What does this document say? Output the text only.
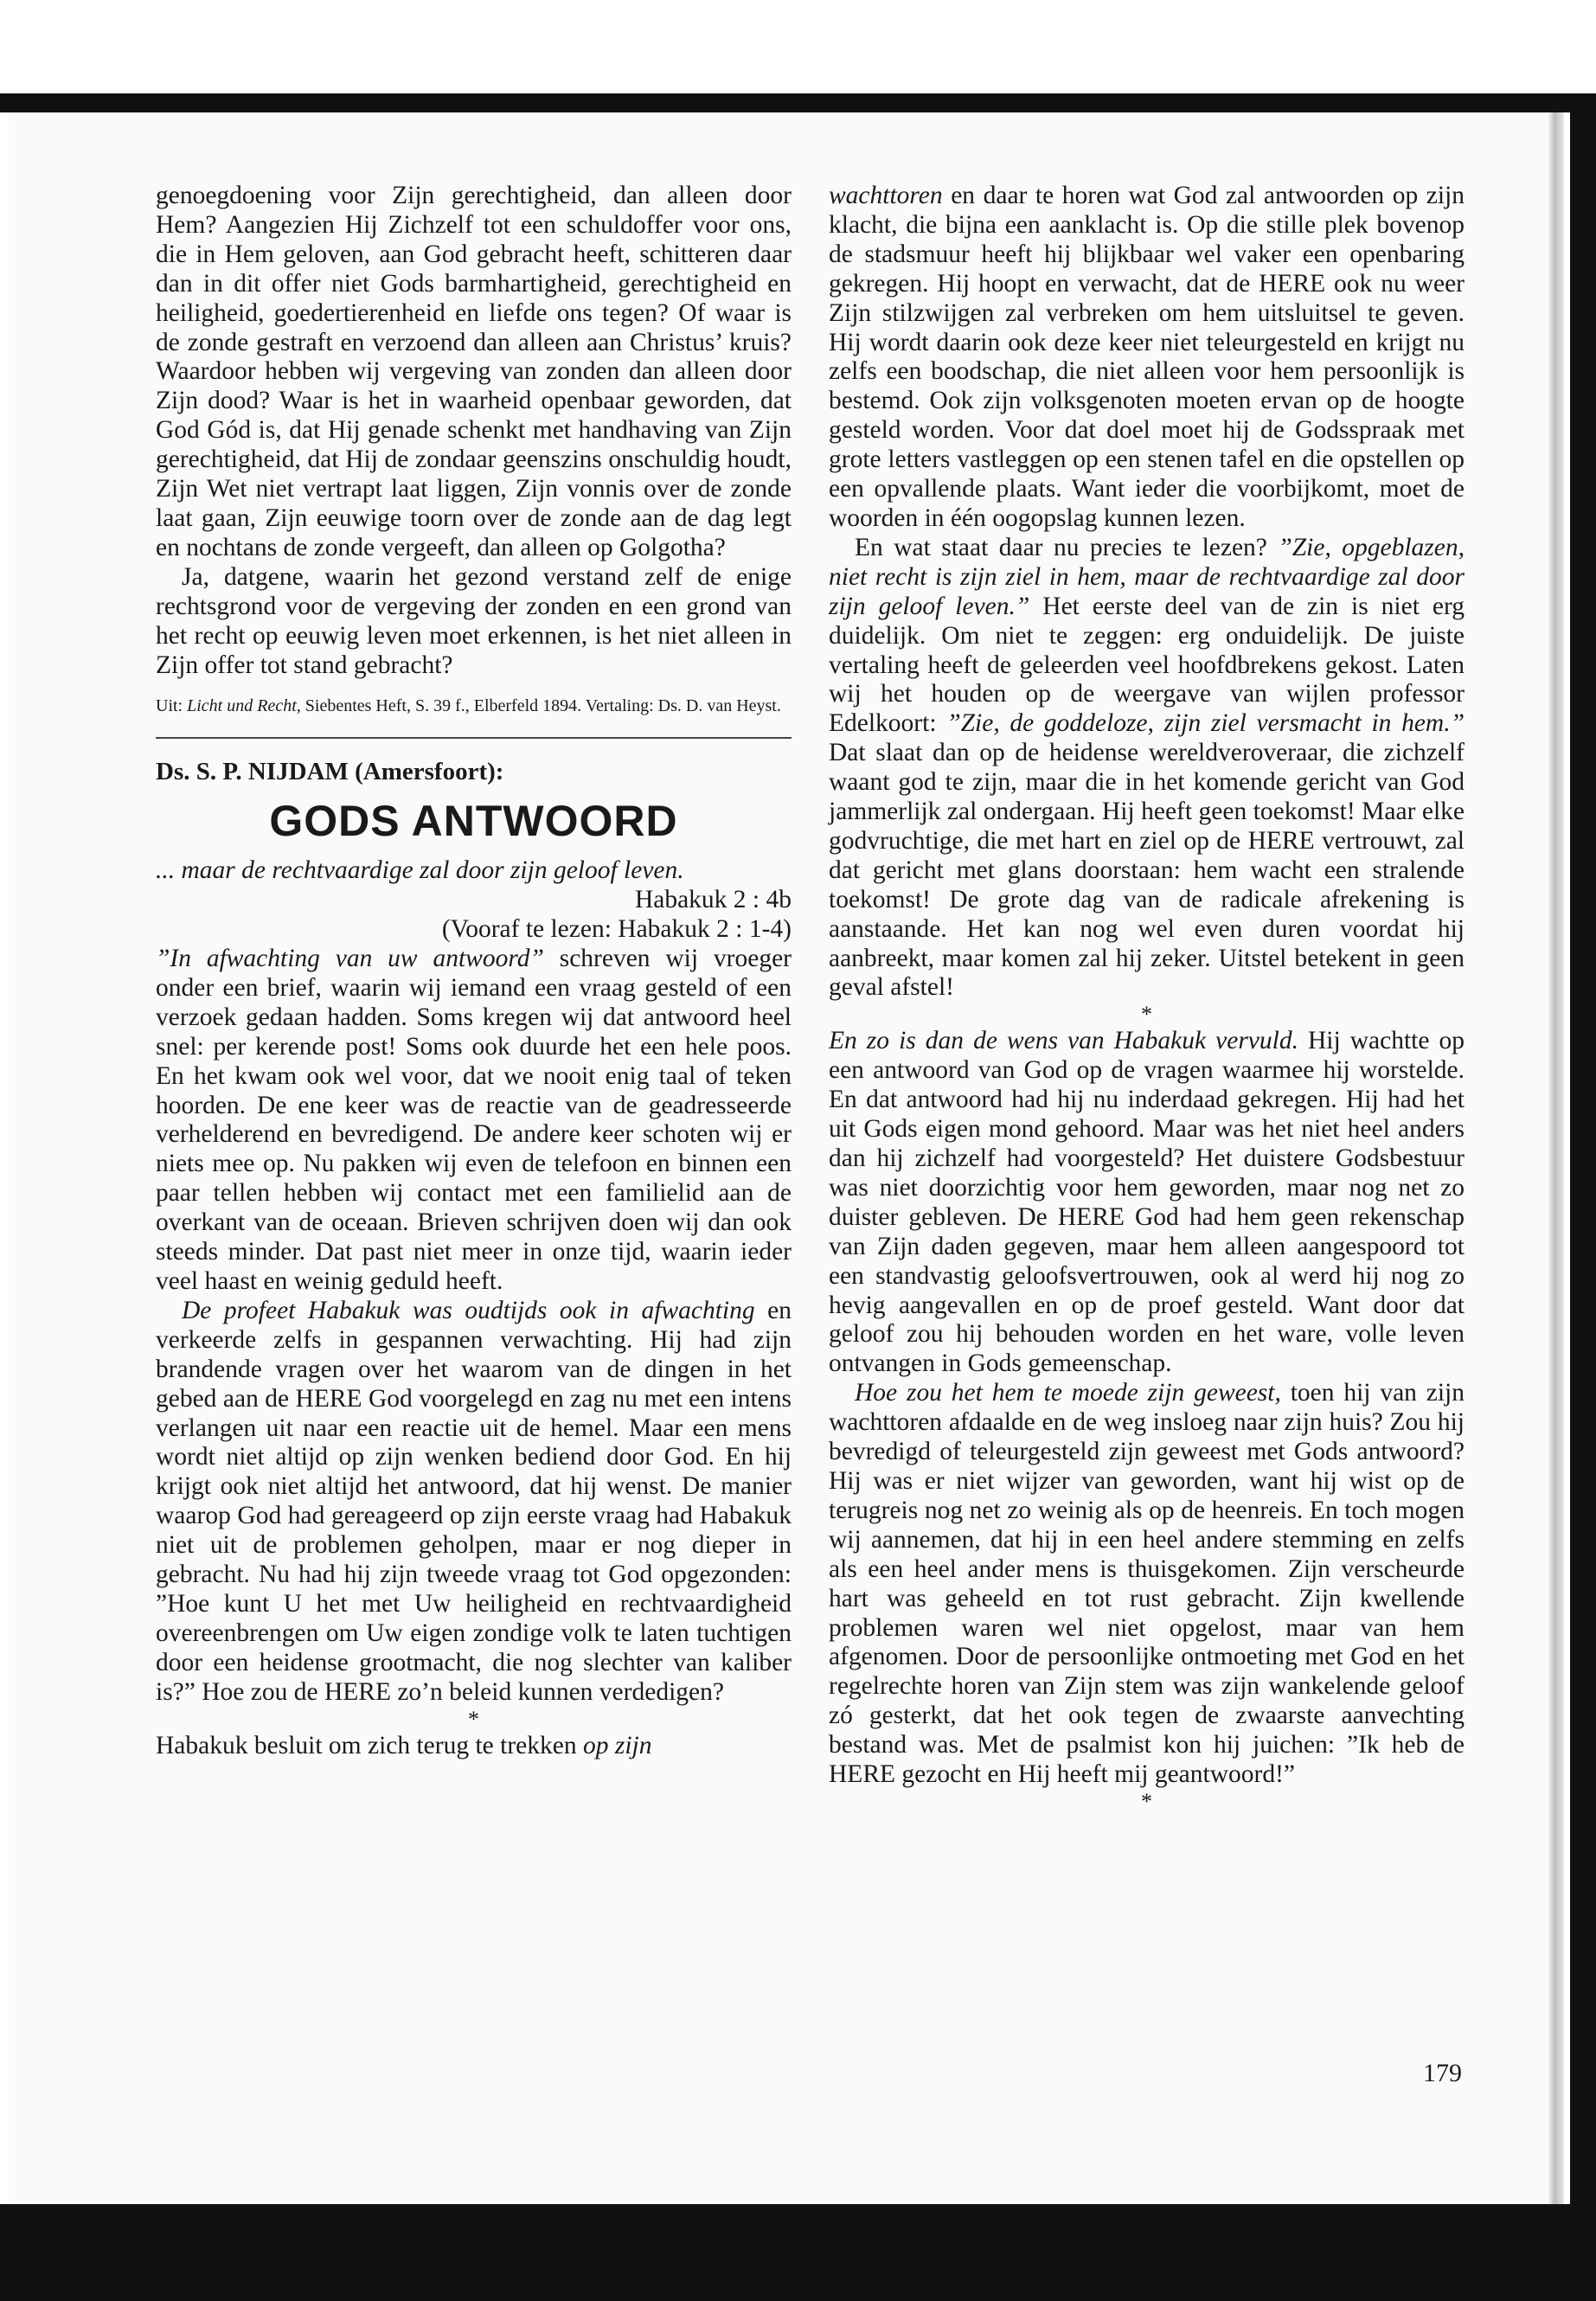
genoegdoening voor Zijn gerechtigheid, dan alleen door Hem? Aangezien Hij Zichzelf tot een schuldoffer voor ons, die in Hem geloven, aan God gebracht heeft, schitteren daar dan in dit offer niet Gods barmhartigheid, gerechtigheid en heiligheid, goedertierenheid en liefde ons tegen? Of waar is de zonde gestraft en verzoend dan alleen aan Christus’ kruis? Waardoor hebben wij vergeving van zonden dan alleen door Zijn dood? Waar is het in waarheid openbaar geworden, dat God Gód is, dat Hij genade schenkt met handhaving van Zijn gerechtigheid, dat Hij de zondaar geenszins onschuldig houdt, Zijn Wet niet vertrapt laat liggen, Zijn vonnis over de zonde laat gaan, Zijn eeuwige toorn over de zonde aan de dag legt en nochtans de zonde vergeeft, dan alleen op Golgotha?

Ja, datgene, waarin het gezond verstand zelf de enige rechtsgrond voor de vergeving der zonden en een grond van het recht op eeuwig leven moet erkennen, is het niet alleen in Zijn offer tot stand gebracht?

Uit: Licht und Recht, Siebentes Heft, S. 39 f., Elberfeld 1894. Vertaling: Ds. D. van Heyst.

Ds. S. P. NIJDAM (Amersfoort):

GODS ANTWOORD

... maar de rechtvaardige zal door zijn geloof leven.

Habakuk 2 : 4b

(Vooraf te lezen: Habakuk 2 : 1-4)

”In afwachting van uw antwoord” schreven wij vroeger onder een brief, waarin wij iemand een vraag gesteld of een verzoek gedaan hadden. Soms kregen wij dat antwoord heel snel: per kerende post! Soms ook duurde het een hele poos. En het kwam ook wel voor, dat we nooit enig taal of teken hoorden. De ene keer was de reactie van de geadresseerde verhelderend en bevredigend. De andere keer schoten wij er niets mee op. Nu pakken wij even de telefoon en binnen een paar tellen hebben wij contact met een familielid aan de overkant van de oceaan. Brieven schrijven doen wij dan ook steeds minder. Dat past niet meer in onze tijd, waarin ieder veel haast en weinig geduld heeft.

De profeet Habakuk was oudtijds ook in afwachting en verkeerde zelfs in gespannen verwachting. Hij had zijn brandende vragen over het waarom van de dingen in het gebed aan de HERE God voorgelegd en zag nu met een intens verlangen uit naar een reactie uit de hemel. Maar een mens wordt niet altijd op zijn wenken bediend door God. En hij krijgt ook niet altijd het antwoord, dat hij wenst. De manier waarop God had gereageerd op zijn eerste vraag had Habakuk niet uit de problemen geholpen, maar er nog dieper in gebracht. Nu had hij zijn tweede vraag tot God opgezonden: ”Hoe kunt U het met Uw heiligheid en rechtvaardigheid overeenbrengen om Uw eigen zondige volk te laten tuchtigen door een heidense grootmacht, die nog slechter van kaliber is?” Hoe zou de HERE zo’n beleid kunnen verdedigen?

*

Habakuk besluit om zich terug te trekken op zijn

wachttoren en daar te horen wat God zal antwoorden op zijn klacht, die bijna een aanklacht is. Op die stille plek bovenop de stadsmuur heeft hij blijkbaar wel vaker een openbaring gekregen. Hij hoopt en verwacht, dat de HERE ook nu weer Zijn stilzwijgen zal verbreken om hem uitsluitsel te geven. Hij wordt daarin ook deze keer niet teleurgesteld en krijgt nu zelfs een boodschap, die niet alleen voor hem persoonlijk is bestemd. Ook zijn volksgenoten moeten ervan op de hoogte gesteld worden. Voor dat doel moet hij de Godsspraak met grote letters vastleggen op een stenen tafel en die opstellen op een opvallende plaats. Want ieder die voorbijkomt, moet de woorden in één oogopslag kunnen lezen.

En wat staat daar nu precies te lezen? ”Zie, opgeblazen, niet recht is zijn ziel in hem, maar de rechtvaardige zal door zijn geloof leven.” Het eerste deel van de zin is niet erg duidelijk. Om niet te zeggen: erg onduidelijk. De juiste vertaling heeft de geleerden veel hoofdbrekens gekost. Laten wij het houden op de weergave van wijlen professor Edelkoort: ”Zie, de goddeloze, zijn ziel versmacht in hem.” Dat slaat dan op de heidense wereldveroveraar, die zichzelf waant god te zijn, maar die in het komende gericht van God jammerlijk zal ondergaan. Hij heeft geen toekomst! Maar elke godvruchtige, die met hart en ziel op de HERE vertrouwt, zal dat gericht met glans doorstaan: hem wacht een stralende toekomst! De grote dag van de radicale afrekening is aanstaande. Het kan nog wel even duren voordat hij aanbreekt, maar komen zal hij zeker. Uitstel betekent in geen geval afstel!

*

En zo is dan de wens van Habakuk vervuld. Hij wachtte op een antwoord van God op de vragen waarmee hij worstelde. En dat antwoord had hij nu inderdaad gekregen. Hij had het uit Gods eigen mond gehoord. Maar was het niet heel anders dan hij zichzelf had voorgesteld? Het duistere Godsbestuur was niet doorzichtig voor hem geworden, maar nog net zo duister gebleven. De HERE God had hem geen rekenschap van Zijn daden gegeven, maar hem alleen aangespoord tot een standvastig geloofsvertrouwen, ook al werd hij nog zo hevig aangevallen en op de proef gesteld. Want door dat geloof zou hij behouden worden en het ware, volle leven ontvangen in Gods gemeenschap.

Hoe zou het hem te moede zijn geweest, toen hij van zijn wachttoren afdaalde en de weg insloeg naar zijn huis? Zou hij bevredigd of teleurgesteld zijn geweest met Gods antwoord? Hij was er niet wijzer van geworden, want hij wist op de terugreis nog net zo weinig als op de heenreis. En toch mogen wij aannemen, dat hij in een heel andere stemming en zelfs als een heel ander mens is thuisgekomen. Zijn verscheurde hart was geheeld en tot rust gebracht. Zijn kwellende problemen waren wel niet opgelost, maar van hem afgenomen. Door de persoonlijke ontmoeting met God en het regelrechte horen van Zijn stem was zijn wankelende geloof zó gesterkt, dat het ook tegen de zwaarste aanvechting bestand was. Met de psalmist kon hij juichen: ”Ik heb de HERE gezocht en Hij heeft mij geantwoord!”

*

179
